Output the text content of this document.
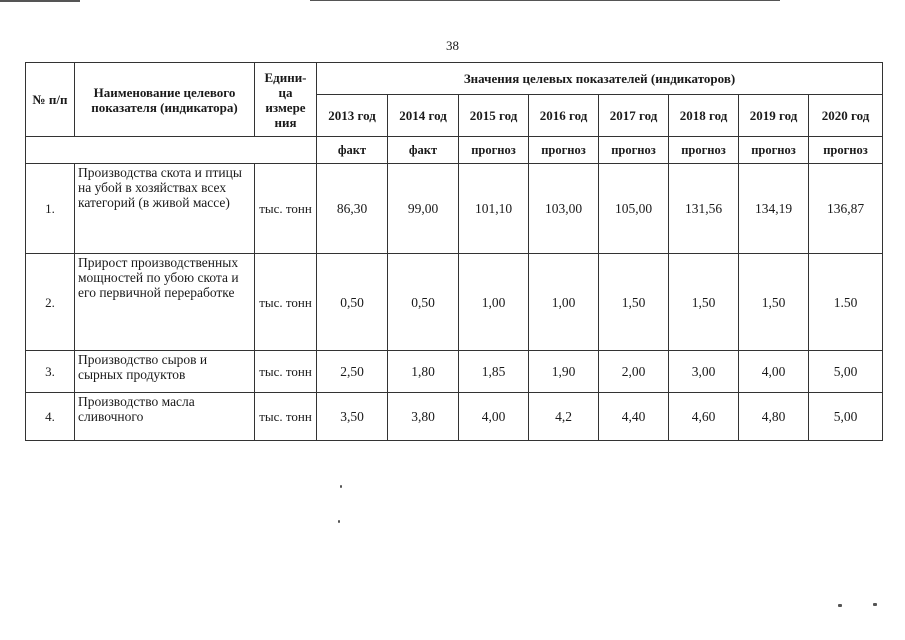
38
№ п/п	Наименование целевого показателя (индикатора)	Едини- ца измере ния	Значения целевых показателей (индикаторов)							
			2013 год	2014 год	2015 год	2016 год	2017 год	2018 год	2019 год	2020 год
			факт	факт	прогноз	прогноз	прогноз	прогноз	прогноз	прогноз
1.	Производства скота и птицы на убой в хозяйствах всех категорий (в живой массе)	тыс. тонн	86,30	99,00	101,10	103,00	105,00	131,56	134,19	136,87
2.	Прирост производственных мощностей по убою скота и его первичной переработке	тыс. тонн	0,50	0,50	1,00	1,00	1,50	1,50	1,50	1.50
3.	Производство сыров и сырных продуктов	тыс. тонн	2,50	1,80	1,85	1,90	2,00	3,00	4,00	5,00
4.	Производство масла сливочного	тыс. тонн	3,50	3,80	4,00	4,2	4,40	4,60	4,80	5,00
